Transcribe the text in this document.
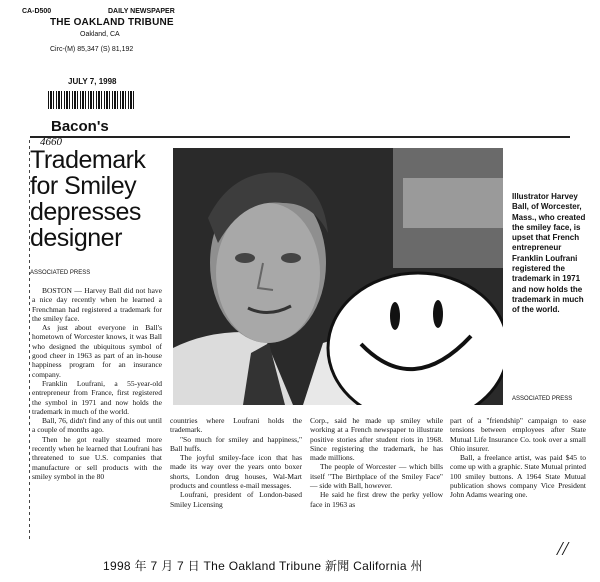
CA-D500	DAILY NEWSPAPER
THE OAKLAND TRIBUNE
Oakland, CA
Circ-(M) 85,347 (S) 81,192
JULY 7, 1998
Bacon's
4660
Trademark for Smiley depresses designer
ASSOCIATED PRESS

Illustrator Harvey Ball, of Worcester, Mass., who created the smiley face, is upset that French entrepreneur Franklin Loufrani registered the trademark in 1971 and now holds the trademark in much of the world.

ASSOCIATED PRESS

BOSTON — Harvey Ball did not have a nice day recently when he learned a Frenchman had registered a trademark for the smiley face.

As just about everyone in Ball's hometown of Worcester knows, it was Ball who designed the ubiquitous symbol of good cheer in 1963 as part of an in-house happiness program for an insurance company.

Franklin Loufrani, a 55-year-old entrepreneur from France, first registered the symbol in 1971 and now holds the trademark in much of the world.

Ball, 76, didn't find any of this out until a couple of months ago.

Then he got really steamed more recently when he learned that Loufrani has threatened to sue U.S. companies that manufacture or sell products with the smiley symbol in the 80

countries where Loufrani holds the trademark.

"So much for smiley and happiness," Ball huffs.

The joyful smiley-face icon that has made its way over the years onto boxer shorts, London drug houses, Wal-Mart products and countless e-mail messages.

Loufrani, president of London-based Smiley Licensing

Corp., said he made up smiley while working at a French newspaper to illustrate positive stories after student riots in 1968. Since registering the trademark, he has made millions.

The people of Worcester — which bills itself "The Birthplace of the Smiley Face" — side with Ball, however.

He said he first drew the perky yellow face in 1963 as

part of a "friendship" campaign to ease tensions between employees after State Mutual Life Insurance Co. took over a small Ohio insurer.

Ball, a freelance artist, was paid $45 to come up with a graphic. State Mutual printed 100 smiley buttons. A 1964 State Mutual publication shows company Vice President John Adams wearing one.

1998 年 7 月 7 日 The Oakland Tribune 新聞 California 州
//
